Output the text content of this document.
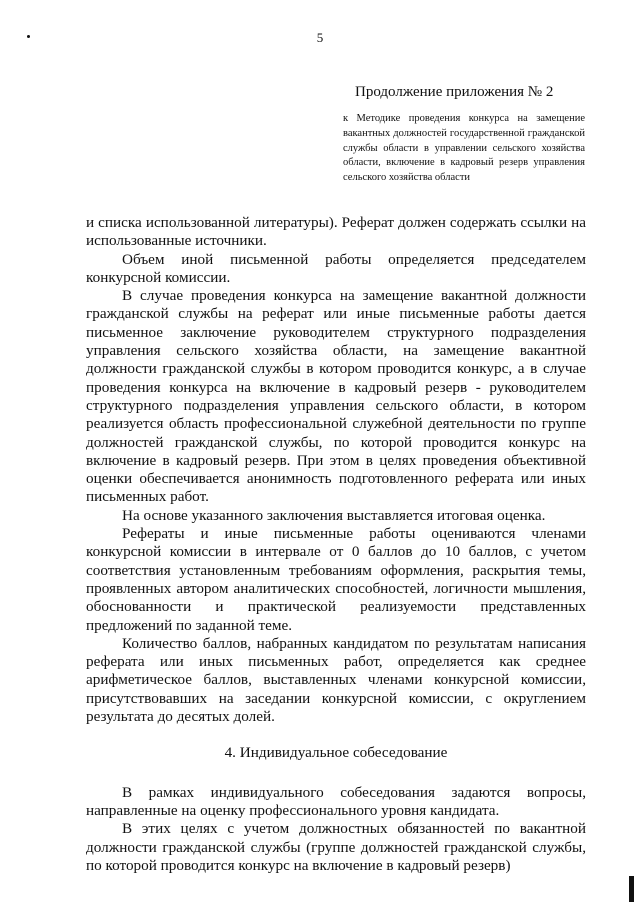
5
Продолжение приложения № 2
к Методике проведения конкурса на замещение вакантных должностей государственной гражданской службы области в управлении сельского хозяйства области, включение в кадровый резерв управления сельского хозяйства области

и списка использованной литературы). Реферат должен содержать ссылки на использованные источники.

Объем иной письменной работы определяется председателем конкурсной комиссии.

В случае проведения конкурса на замещение вакантной должности гражданской службы на реферат или иные письменные работы дается письменное заключение руководителем структурного подразделения управления сельского хозяйства области, на замещение вакантной должности гражданской службы в котором проводится конкурс, а в случае проведения конкурса на включение в кадровый резерв - руководителем структурного подразделения управления сельского области, в котором реализуется область профессиональной служебной деятельности по группе должностей гражданской службы, по которой проводится конкурс на включение в кадровый резерв. При этом в целях проведения объективной оценки обеспечивается анонимность подготовленного реферата или иных письменных работ.

На основе указанного заключения выставляется итоговая оценка.

Рефераты и иные письменные работы оцениваются членами конкурсной комиссии в интервале от 0 баллов до 10 баллов, с учетом соответствия установленным требованиям оформления, раскрытия темы, проявленных автором аналитических способностей, логичности мышления, обоснованности и практической реализуемости представленных предложений по заданной теме.

Количество баллов, набранных кандидатом по результатам написания реферата или иных письменных работ, определяется как среднее арифметическое баллов, выставленных членами конкурсной комиссии, присутствовавших на заседании конкурсной комиссии, с округлением результата до десятых долей.

4. Индивидуальное собеседование

В рамках индивидуального собеседования задаются вопросы, направленные на оценку профессионального уровня кандидата.

В этих целях с учетом должностных обязанностей по вакантной должности гражданской службы (группе должностей гражданской службы, по которой проводится конкурс на включение в кадровый резерв)
